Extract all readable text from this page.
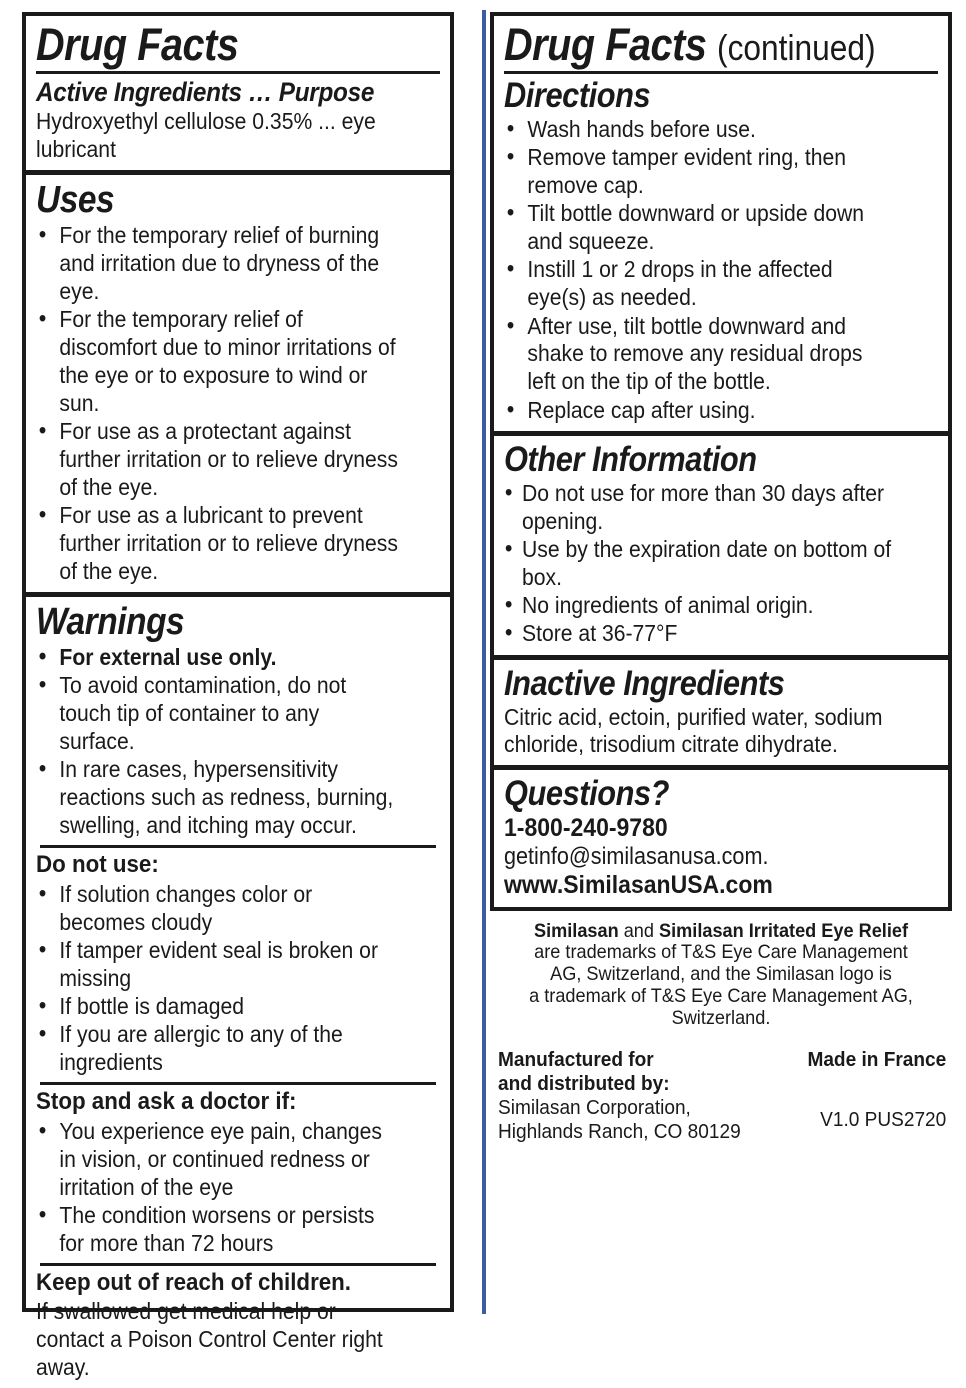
Drug Facts
Active Ingredients … Purpose
Hydroxyethyl cellulose 0.35% ... eye lubricant
Uses
• For the temporary relief of burning and irritation due to dryness of the eye.
• For the temporary relief of discomfort due to minor irritations of the eye or to exposure to wind or sun.
• For use as a protectant against further irritation or to relieve dryness of the eye.
• For use as a lubricant to prevent further irritation or to relieve dryness of the eye.
Warnings
• For external use only.
• To avoid contamination, do not touch tip of container to any surface.
• In rare cases, hypersensitivity reactions such as redness, burning, swelling, and itching may occur.
Do not use:
• If solution changes color or becomes cloudy
• If tamper evident seal is broken or missing
• If bottle is damaged
• If you are allergic to any of the ingredients
Stop and ask a doctor if:
• You experience eye pain, changes in vision, or continued redness or irritation of the eye
• The condition worsens or persists for more than 72 hours
Keep out of reach of children.
If swallowed get medical help or contact a Poison Control Center right away.
Drug Facts (continued)
Directions
• Wash hands before use.
• Remove tamper evident ring, then remove cap.
• Tilt bottle downward or upside down and squeeze.
• Instill 1 or 2 drops in the affected eye(s) as needed.
• After use, tilt bottle downward and shake to remove any residual drops left on the tip of the bottle.
• Replace cap after using.
Other Information
• Do not use for more than 30 days after opening.
• Use by the expiration date on bottom of box.
• No ingredients of animal origin.
• Store at 36-77°F
Inactive Ingredients
Citric acid, ectoin, purified water, sodium chloride, trisodium citrate dihydrate.
Questions?
1-800-240-9780
getinfo@similasanusa.com.
www.SimilasanUSA.com
Similasan and Similasan Irritated Eye Relief
are trademarks of T&S Eye Care Management
AG, Switzerland, and the Similasan logo is
a trademark of T&S Eye Care Management AG,
Switzerland.
Manufactured for
and distributed by:
Similasan Corporation,
Highlands Ranch, CO 80129
Made in France
V1.0 PUS2720
